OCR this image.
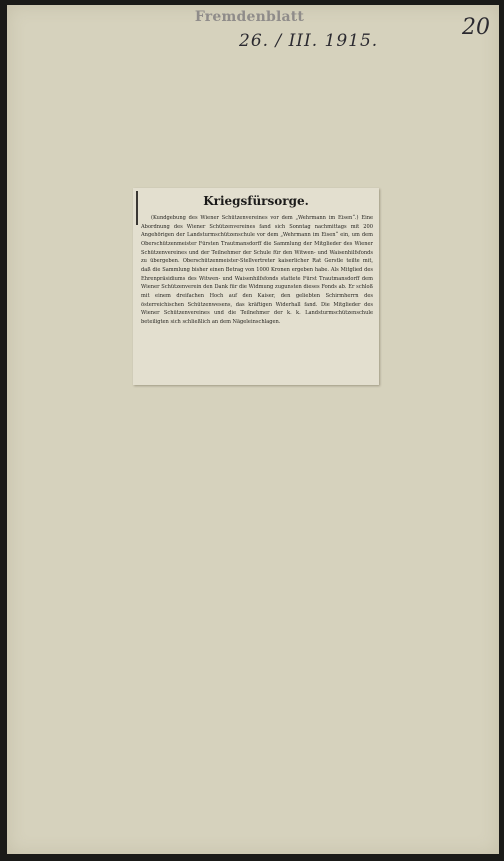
Fremdenblatt
26. / III. 1915.
20
Kriegsfürsorge.
(Kundgebung des Wiener Schützenvereines vor dem „Wehrmann im Eisen“.) Eine Abordnung des Wiener Schützenvereines fand sich Sonntag nachmittags mit 200 Angehörigen der Landsturmschützenschule vor dem „Wehrmann im Eisen“ ein, um dem Oberschützenmeister Fürsten Trautmansdorff die Sammlung der Mitglieder des Wiener Schützenvereines und der Teilnehmer der Schule für den Witwen- und Waisenhilfsfonds zu übergeben. Oberschützenmeister-Stellvertreter kaiserlicher Rat Gerstle teilte mit, daß die Sammlung bisher einen Betrag von 1000 Kronen ergeben habe. Als Mitglied des Ehrenpräsidiums des Witwen- und Waisenhilfsfonds stattete Fürst Trautmansdorff dem Wiener Schützenverein den Dank für die Widmung zugunsten dieses Fonds ab. Er schloß mit einem dreifachen Hoch auf den Kaiser, den geliebten Schirmherrn des österreichischen Schützenwesens, das kräftigen Widerhall fand. Die Mitglieder des Wiener Schützenvereines und die Teilnehmer der k. k. Landsturmschützenschule beteiligten sich schließlich an dem Nägeleinschlagen.
